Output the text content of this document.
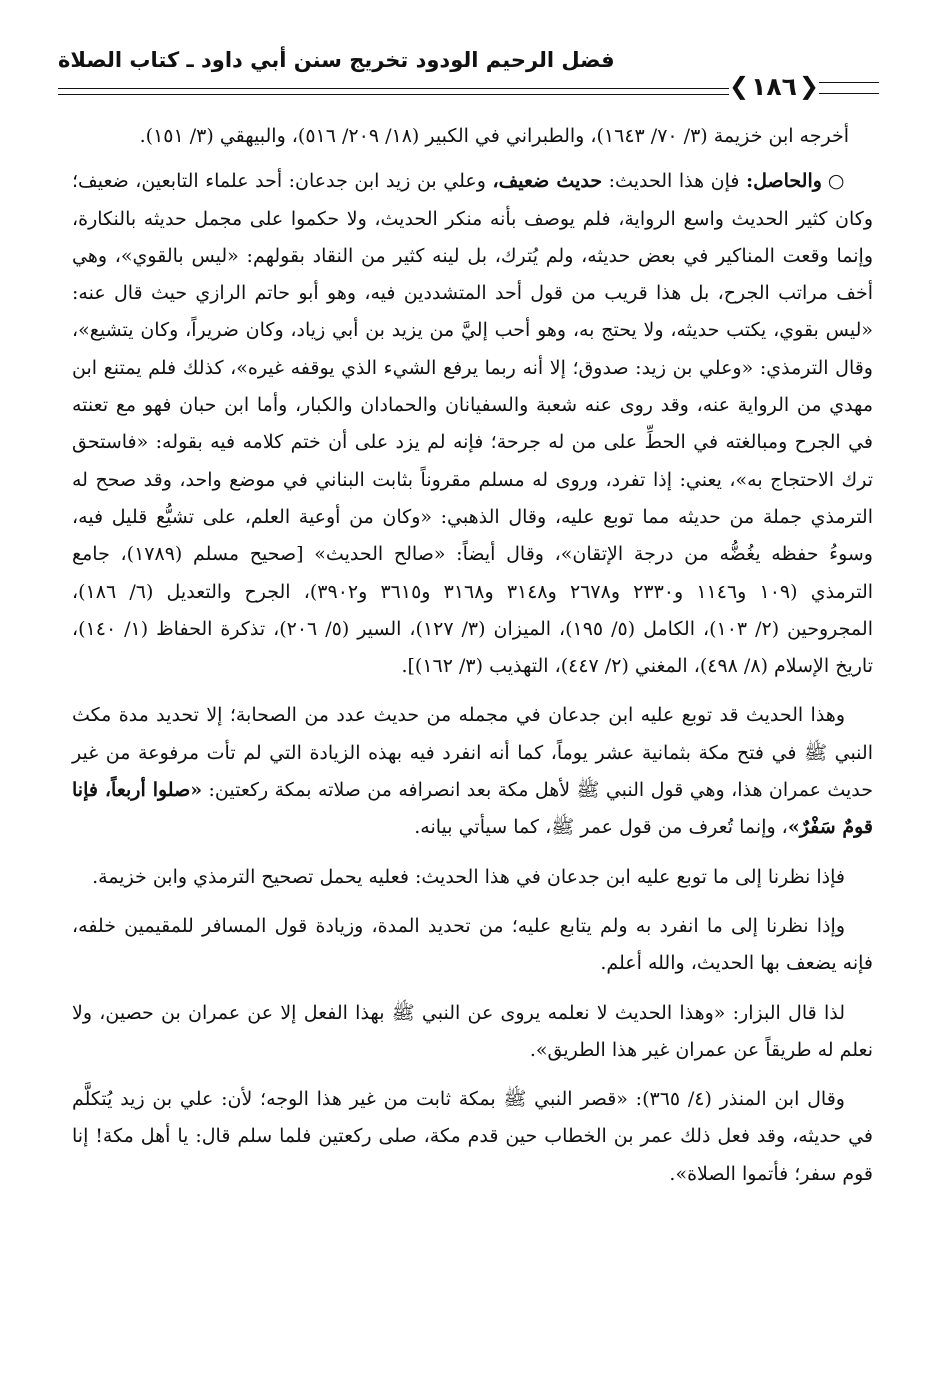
فضل الرحيم الودود تخريج سنن أبي داود ـ كتاب الصلاة
❮
١٨٦
❯

أخرجه ابن خزيمة (٣/ ٧٠/ ١٦٤٣)، والطبراني في الكبير (١٨/ ٢٠٩/ ٥١٦)، والبيهقي (٣/ ١٥١).

○والحاصل: فإن هذا الحديث: حديث ضعيف، وعلي بن زيد ابن جدعان: أحد علماء التابعين، ضعيف؛ وكان كثير الحديث واسع الرواية، فلم يوصف بأنه منكر الحديث، ولا حكموا على مجمل حديثه بالنكارة، وإنما وقعت المناكير في بعض حديثه، ولم يُترك، بل لينه كثير من النقاد بقولهم: «ليس بالقوي»، وهي أخف مراتب الجرح، بل هذا قريب من قول أحد المتشددين فيه، وهو أبو حاتم الرازي حيث قال عنه: «ليس بقوي، يكتب حديثه، ولا يحتج به، وهو أحب إليَّ من يزيد بن أبي زياد، وكان ضريراً، وكان يتشيع»، وقال الترمذي: «وعلي بن زيد: صدوق؛ إلا أنه ربما يرفع الشيء الذي يوقفه غيره»، كذلك فلم يمتنع ابن مهدي من الرواية عنه، وقد روى عنه شعبة والسفيانان والحمادان والكبار، وأما ابن حبان فهو مع تعنته في الجرح ومبالغته في الحطِّ على من له جرحة؛ فإنه لم يزد على أن ختم كلامه فيه بقوله: «فاستحق ترك الاحتجاج به»، يعني: إذا تفرد، وروى له مسلم مقروناً بثابت البناني في موضع واحد، وقد صحح له الترمذي جملة من حديثه مما توبع عليه، وقال الذهبي: «وكان من أوعية العلم، على تشيُّع قليل فيه، وسوءُ حفظه يغُضُّه من درجة الإتقان»، وقال أيضاً: «صالح الحديث» [صحيح مسلم (١٧٨٩)، جامع الترمذي (١٠٩ و١١٤٦ و٢٣٣٠ و٢٦٧٨ و٣١٤٨ و٣١٦٨ و٣٦١٥ و٣٩٠٢)، الجرح والتعديل (٦/ ١٨٦)، المجروحين (٢/ ١٠٣)، الكامل (٥/ ١٩٥)، الميزان (٣/ ١٢٧)، السير (٥/ ٢٠٦)، تذكرة الحفاظ (١/ ١٤٠)، تاريخ الإسلام (٨/ ٤٩٨)، المغني (٢/ ٤٤٧)، التهذيب (٣/ ١٦٢)].

وهذا الحديث قد توبع عليه ابن جدعان في مجمله من حديث عدد من الصحابة؛ إلا تحديد مدة مكث النبي ﷺ في فتح مكة بثمانية عشر يوماً، كما أنه انفرد فيه بهذه الزيادة التي لم تأت مرفوعة من غير حديث عمران هذا، وهي قول النبي ﷺ لأهل مكة بعد انصرافه من صلاته بمكة ركعتين: «صلوا أربعاً، فإنا قومٌ سَفْرٌ»، وإنما تُعرف من قول عمر ﷺ، كما سيأتي بيانه.

فإذا نظرنا إلى ما توبع عليه ابن جدعان في هذا الحديث: فعليه يحمل تصحيح الترمذي وابن خزيمة.

وإذا نظرنا إلى ما انفرد به ولم يتابع عليه؛ من تحديد المدة، وزيادة قول المسافر للمقيمين خلفه، فإنه يضعف بها الحديث، والله أعلم.

لذا قال البزار: «وهذا الحديث لا نعلمه يروى عن النبي ﷺ بهذا الفعل إلا عن عمران بن حصين، ولا نعلم له طريقاً عن عمران غير هذا الطريق».

وقال ابن المنذر (٤/ ٣٦٥): «قصر النبي ﷺ بمكة ثابت من غير هذا الوجه؛ لأن: علي بن زيد يُتكلَّم في حديثه، وقد فعل ذلك عمر بن الخطاب حين قدم مكة، صلى ركعتين فلما سلم قال: يا أهل مكة! إنا قوم سفر؛ فأتموا الصلاة».
